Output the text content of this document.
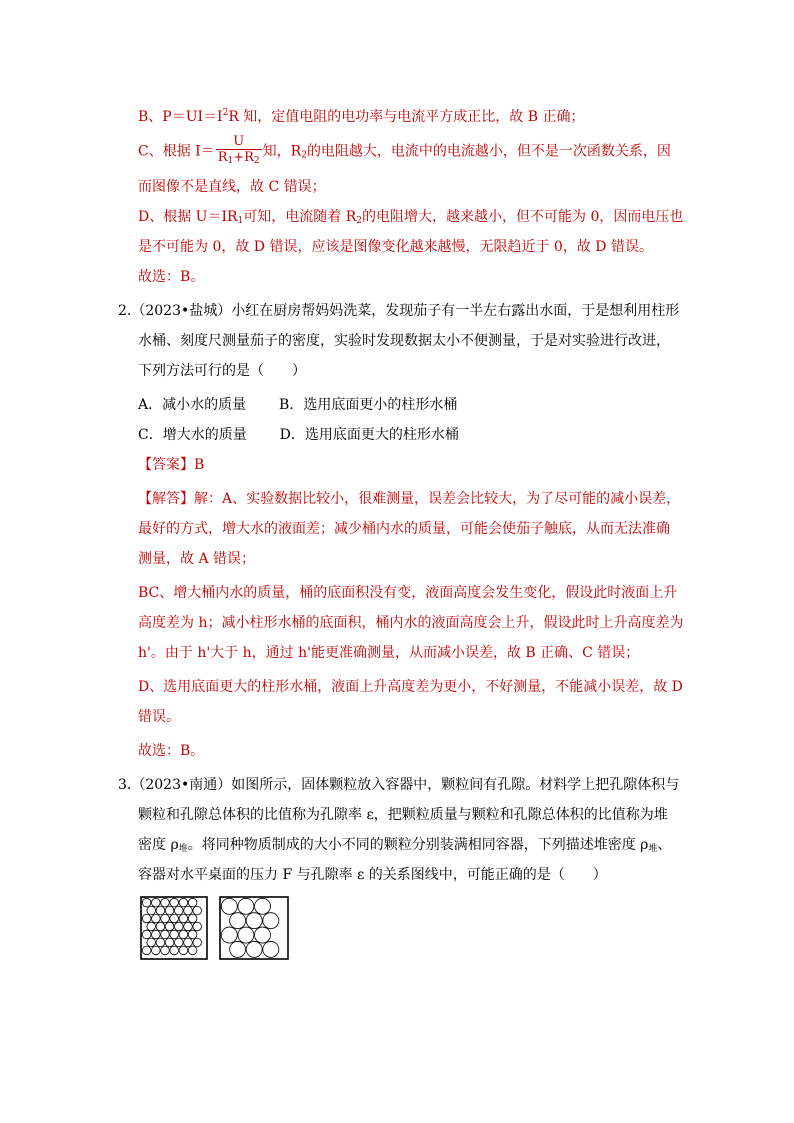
B、$P=UI=I^2R$ 知，定值电阻的电功率与电流平方成正比，故 B 正确；
C、根据 $I= \frac{U}{R_1+R_2}$ 知，$R_2$的电阻越大，电流中的电流越小，但不是一次函数关系，因
而图像不是直线，故 C 错误；
D、根据 $U=IR_1$可知，电流随着 $R_2$的电阻增大，越来越小，但不可能为 0，因而电压也
是不可能为 0，故 D 错误，应该是图像变化越来越慢，无限趋近于 0，故 D 错误。
故选：B。
2.（2023•盐城）小红在厨房帮妈妈洗菜，发现茄子有一半左右露出水面，于是想利用柱形
水桶、刻度尺测量茄子的密度，实验时发现数据太小不便测量，于是对实验进行改进，
下列方法可行的是（　　）
A．减小水的质量 B．选用底面更小的柱形水桶
C．增大水的质量 D．选用底面更大的柱形水桶
【答案】B
【解答】解：A、实验数据比较小，很难测量，误差会比较大，为了尽可能的减小误差，
最好的方式，增大水的液面差；减少桶内水的质量，可能会使茄子触底，从而无法准确
测量，故 A 错误；
BC、增大桶内水的质量，桶的底面积没有变，液面高度会发生变化，假设此时液面上升
高度差为 h；减小柱形水桶的底面积，桶内水的液面高度会上升，假设此时上升高度差为
h'。由于 h'大于 h，通过 h'能更准确测量，从而减小误差，故 B 正确、C 错误；
D、选用底面更大的柱形水桶，液面上升高度差为更小，不好测量，不能减小误差，故 D
错误。
故选：B。
3.（2023•南通）如图所示，固体颗粒放入容器中，颗粒间有孔隙。材料学上把孔隙体积与
颗粒和孔隙总体积的比值称为孔隙率 ε，把颗粒质量与颗粒和孔隙总体积的比值称为堆
密度 $\rho_堆$。将同种物质制成的大小不同的颗粒分别装满相同容器，下列描述堆密度 $\rho_堆$、
容器对水平桌面的压力 F 与孔隙率 ε 的关系图线中，可能正确的是（　　）
